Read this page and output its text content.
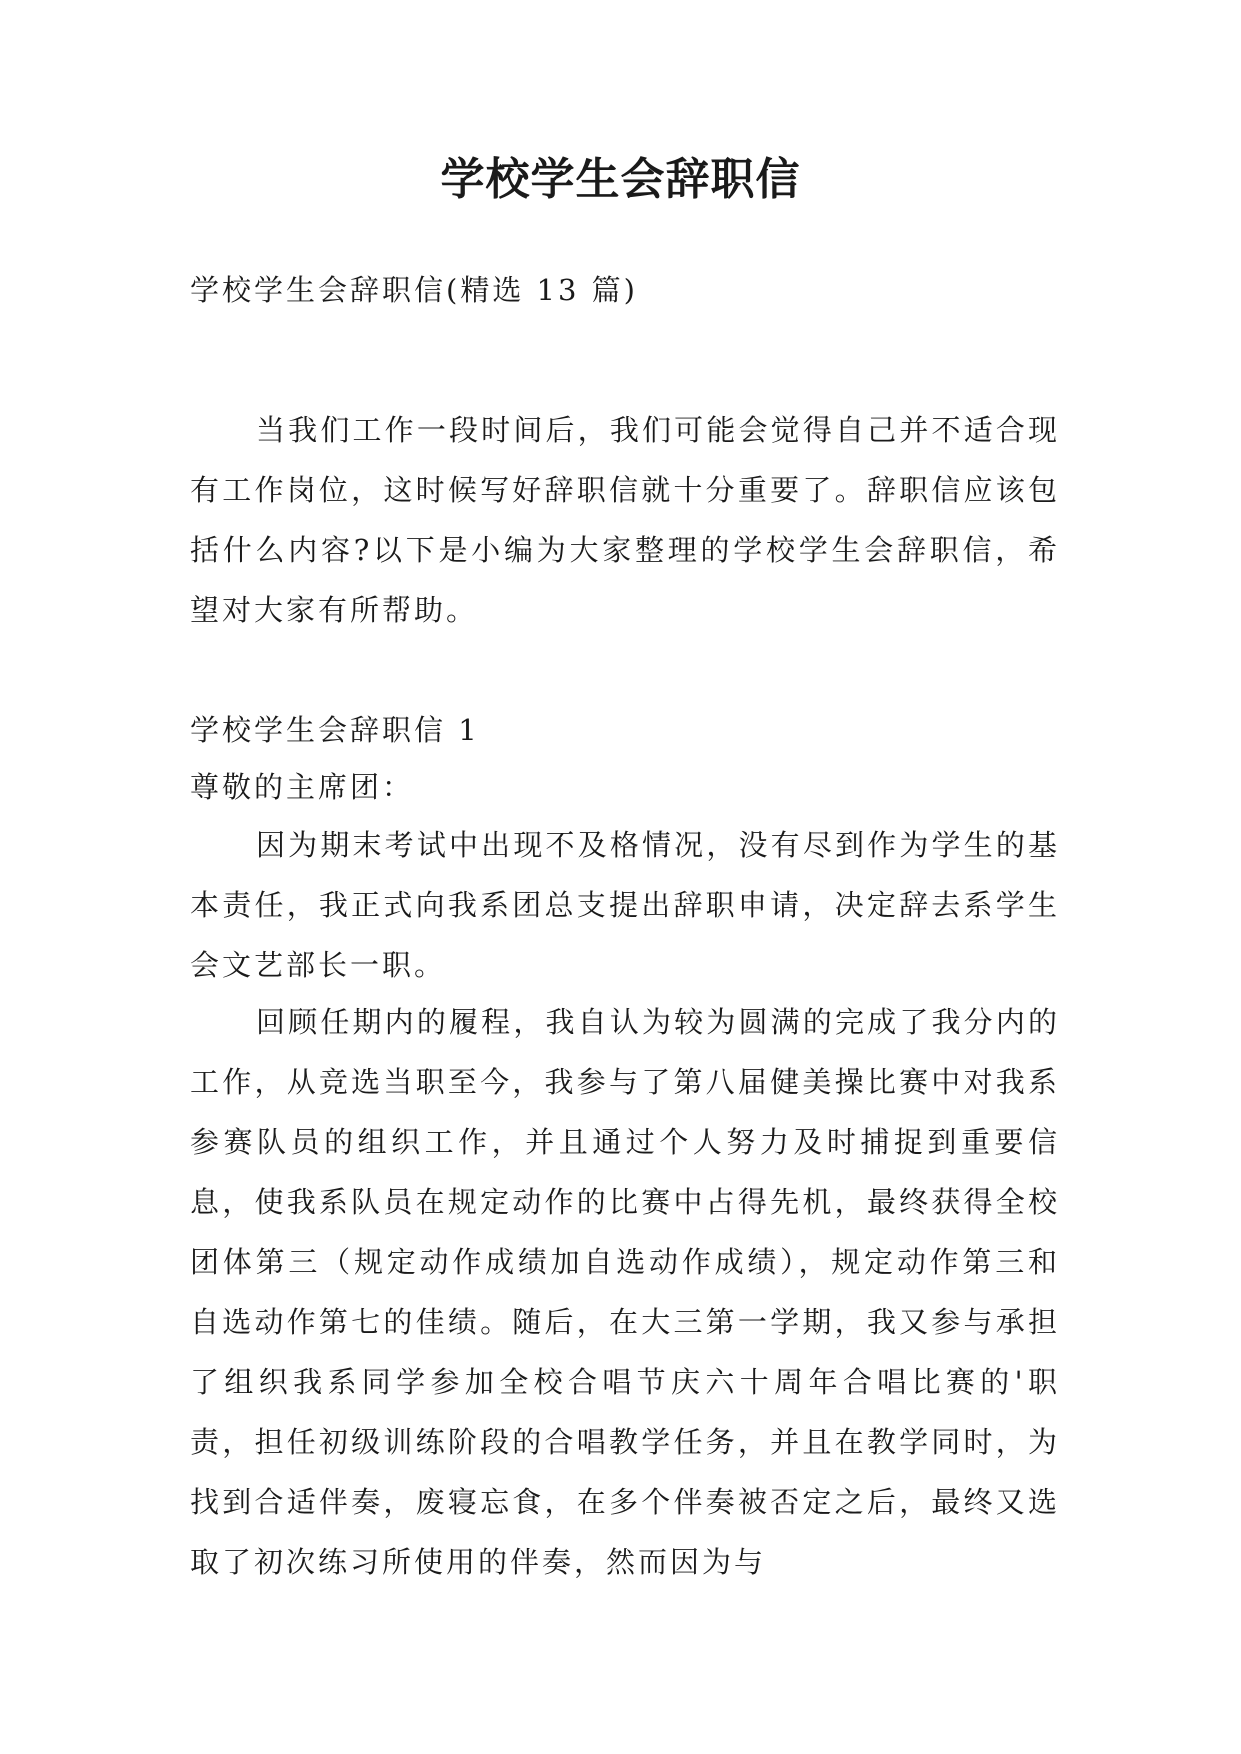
学校学生会辞职信

学校学生会辞职信(精选 13 篇)

当我们工作一段时间后，我们可能会觉得自己并不适合现有工作岗位，这时候写好辞职信就十分重要了。辞职信应该包括什么内容?以下是小编为大家整理的学校学生会辞职信，希望对大家有所帮助。

学校学生会辞职信 1

尊敬的主席团：

因为期末考试中出现不及格情况，没有尽到作为学生的基本责任，我正式向我系团总支提出辞职申请，决定辞去系学生会文艺部长一职。

回顾任期内的履程，我自认为较为圆满的完成了我分内的工作，从竞选当职至今，我参与了第八届健美操比赛中对我系参赛队员的组织工作，并且通过个人努力及时捕捉到重要信息，使我系队员在规定动作的比赛中占得先机，最终获得全校团体第三（规定动作成绩加自选动作成绩），规定动作第三和自选动作第七的佳绩。随后，在大三第一学期，我又参与承担了组织我系同学参加全校合唱节庆六十周年合唱比赛的'职责，担任初级训练阶段的合唱教学任务，并且在教学同时，为找到合适伴奏，废寝忘食，在多个伴奏被否定之后，最终又选取了初次练习所使用的伴奏，然而因为与
